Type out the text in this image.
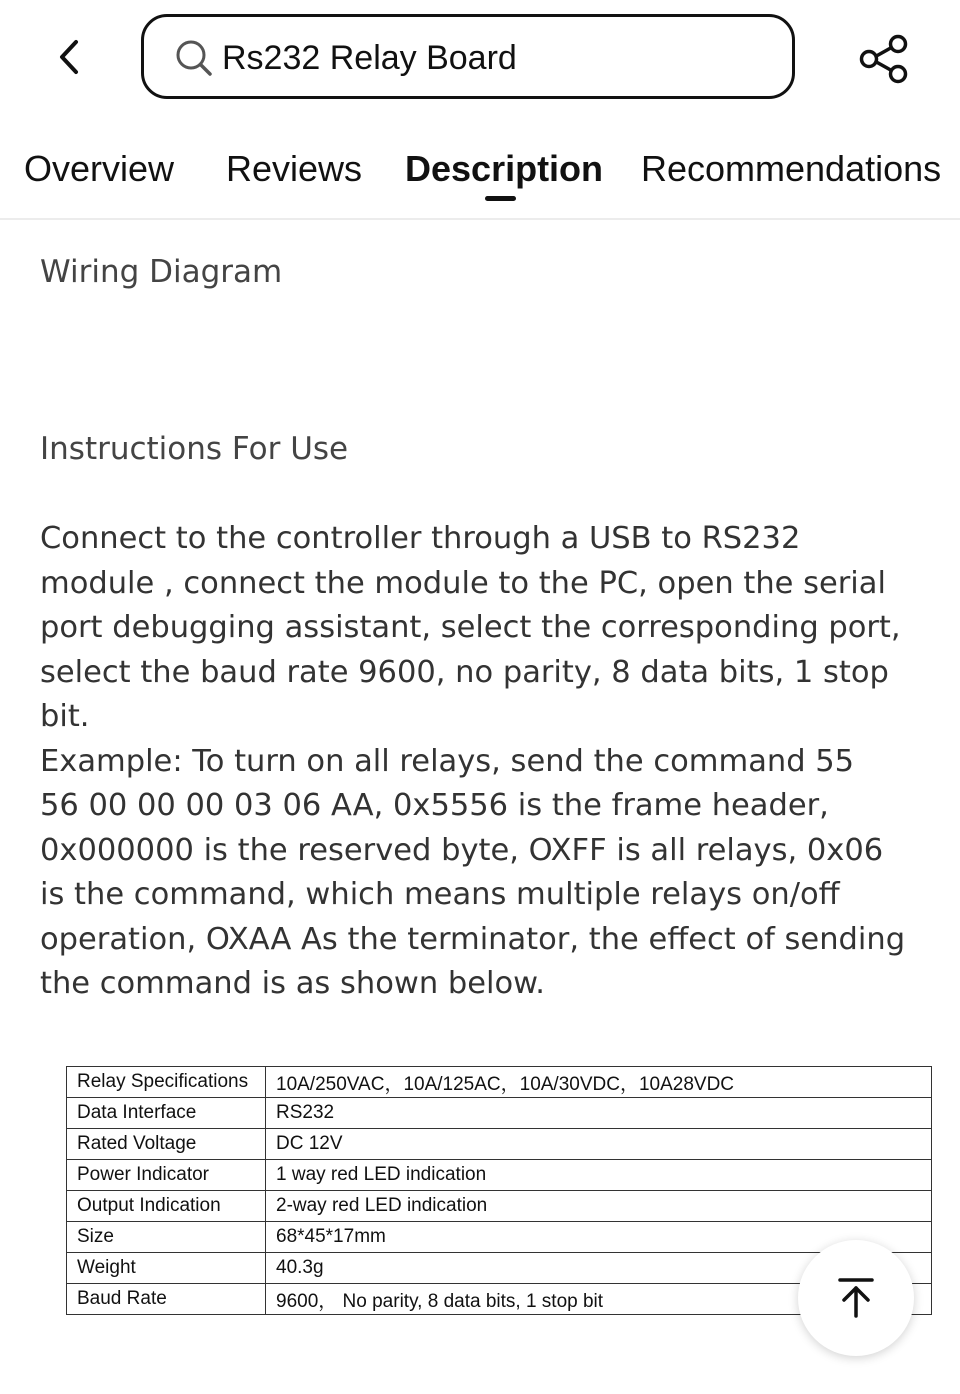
Rs232 Relay Board
Overview Reviews Description Recommendations
Wiring Diagram
Instructions For Use
Connect to the controller through a USB to RS232
module , connect the module to the PC, open the serial
port debugging assistant, select the corresponding port,
select the baud rate 9600, no parity, 8 data bits, 1 stop
bit.
Example: To turn on all relays, send the command 55
56 00 00 00 03 06 AA, 0x5556 is the frame header,
0x000000 is the reserved byte, OXFF is all relays, 0x06
is the command, which means multiple relays on/off
operation, OXAA As the terminator, the effect of sending
the command is as shown below.
Relay Specifications	10A/250VAC，10A/125AC，10A/30VDC，10A28VDC
Data Interface	RS232
Rated Voltage	DC 12V
Power Indicator	1 way red LED indication
Output Indication	2-way red LED indication
Size	68*45*17mm
Weight	40.3g
Baud Rate	9600， No parity, 8 data bits, 1 stop bit
